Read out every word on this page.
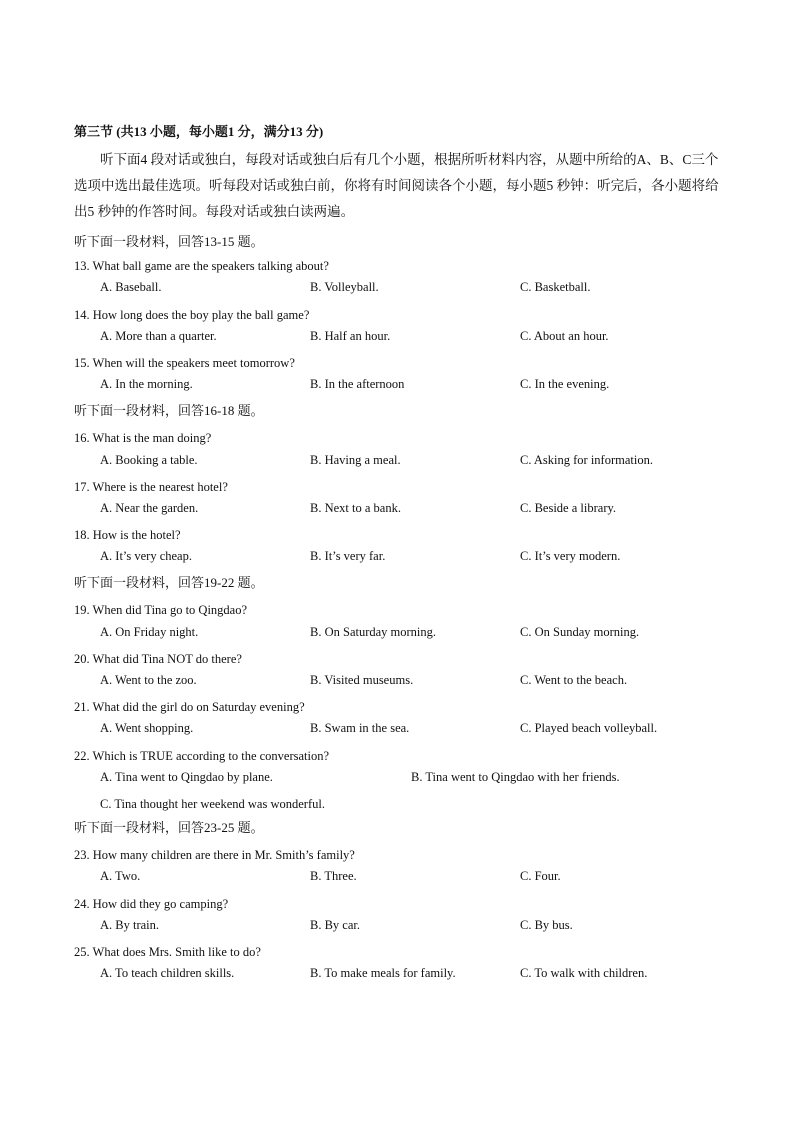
第三节 (共13 小题，每小题1 分，满分13 分)
听下面4 段对话或独白，每段对话或独白后有几个小题，根据所听材料内容，从题中所给的A、B、C三个选项中选出最佳选项。听每段对话或独白前，你将有时间阅读各个小题，每小题5 秒钟：听完后，各小题将给出5 秒钟的作答时间。每段对话或独白读两遍。
听下面一段材料，回答13-15 题。
13. What ball game are the speakers talking about?
A. Baseball.	B. Volleyball.	C. Basketball.
14. How long does the boy play the ball game?
A. More than a quarter.	B. Half an hour.	C. About an hour.
15. When will the speakers meet tomorrow?
A. In the morning.	B. In the afternoon	C. In the evening.
听下面一段材料，回答16-18 题。
16. What is the man doing?
A. Booking a table.	B. Having a meal.	C. Asking for information.
17. Where is the nearest hotel?
A. Near the garden.	B. Next to a bank.	C. Beside a library.
18. How is the hotel?
A. It’s very cheap.	B. It’s very far.	C. It’s very modern.
听下面一段材料，回答19-22 题。
19. When did Tina go to Qingdao?
A. On Friday night.	B. On Saturday morning.	C. On Sunday morning.
20. What did Tina NOT do there?
A. Went to the zoo.	B. Visited museums.	C. Went to the beach.
21. What did the girl do on Saturday evening?
A. Went shopping.	B. Swam in the sea.	C. Played beach volleyball.
22. Which is TRUE according to the conversation?
A. Tina went to Qingdao by plane.	B. Tina went to Qingdao with her friends.
C. Tina thought her weekend was wonderful.
听下面一段材料，回答23-25 题。
23. How many children are there in Mr. Smith’s family?
A. Two.	B. Three.	C. Four.
24. How did they go camping?
A. By train.	B. By car.	C. By bus.
25. What does Mrs. Smith like to do?
A. To teach children skills.	B. To make meals for family.	C. To walk with children.
